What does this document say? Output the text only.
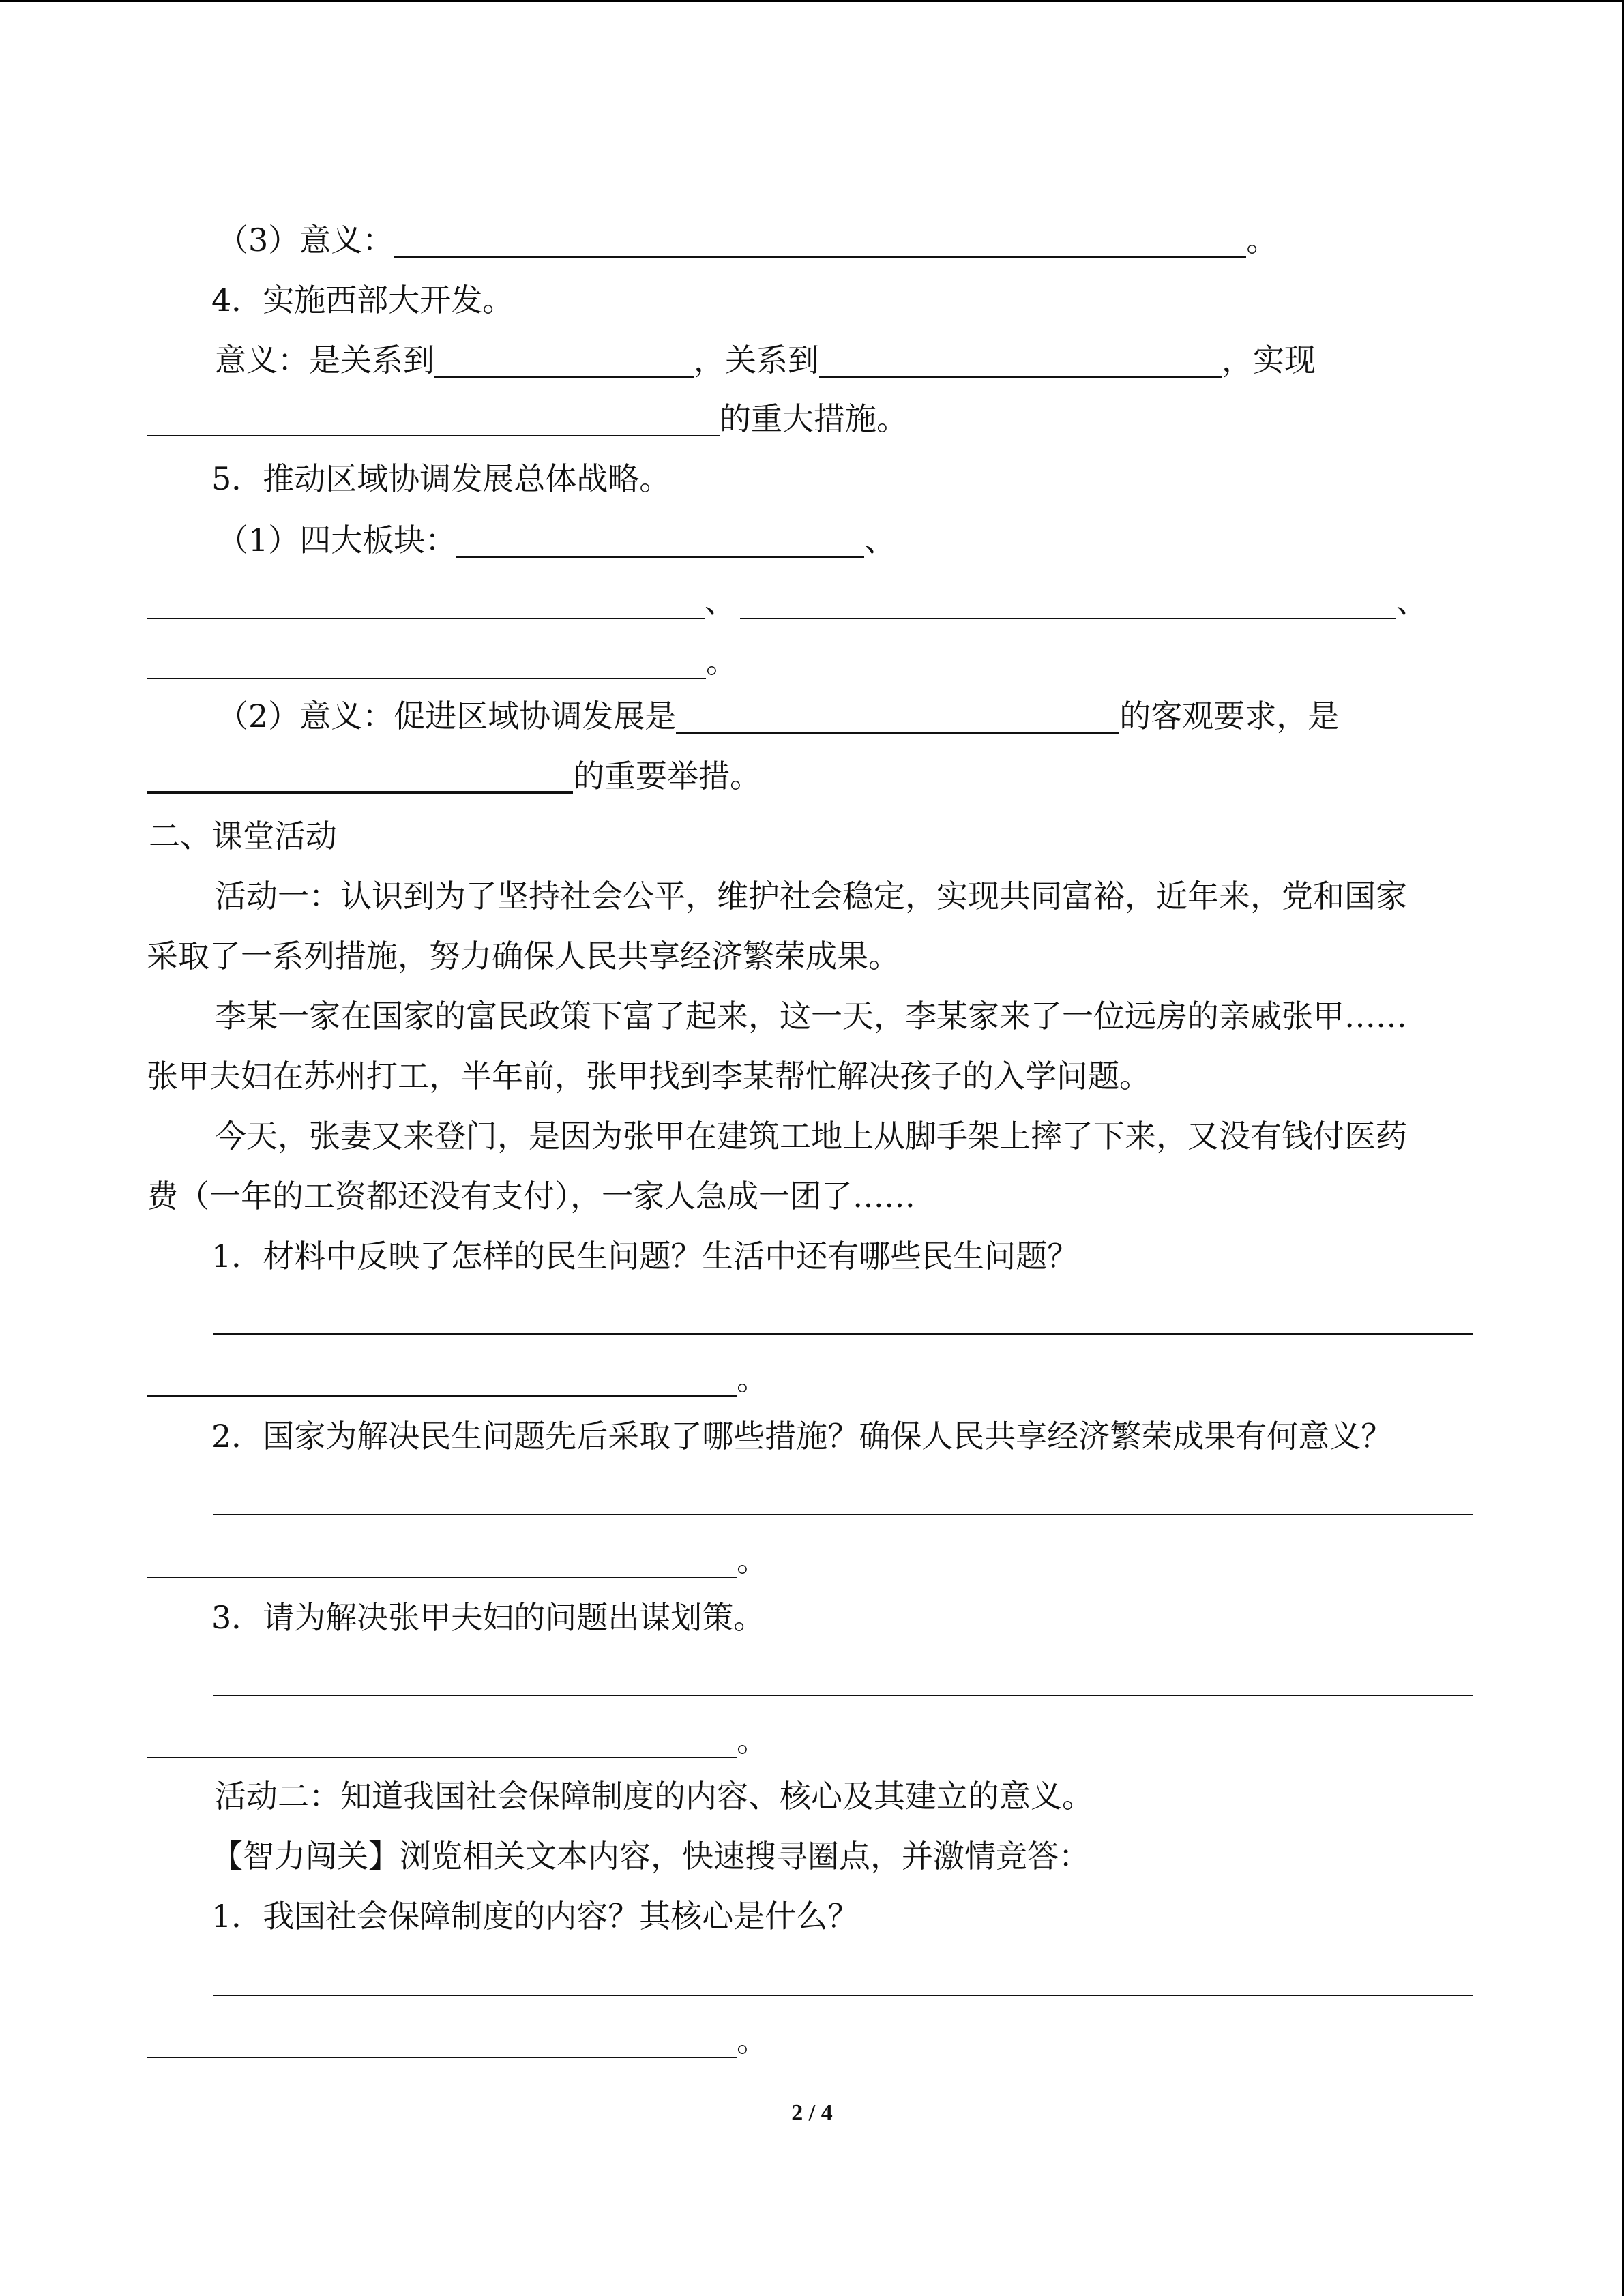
（3）意义：	。
4．实施西部大开发。
意义：是关系到	，关系到	，实现
的重大措施。
5．推动区域协调发展总体战略。
（1）四大板块：	、
、	、
。
（2）意义：促进区域协调发展是	的客观要求，是
的重要举措。
二、课堂活动
活动一：认识到为了坚持社会公平，维护社会稳定，实现共同富裕，近年来，党和国家
采取了一系列措施，努力确保人民共享经济繁荣成果。
李某一家在国家的富民政策下富了起来，这一天，李某家来了一位远房的亲戚张甲……
张甲夫妇在苏州打工，半年前，张甲找到李某帮忙解决孩子的入学问题。
今天，张妻又来登门，是因为张甲在建筑工地上从脚手架上摔了下来，又没有钱付医药
费（一年的工资都还没有支付），一家人急成一团了……
1．材料中反映了怎样的民生问题？生活中还有哪些民生问题？
。
2．国家为解决民生问题先后采取了哪些措施？确保人民共享经济繁荣成果有何意义？
。
3．请为解决张甲夫妇的问题出谋划策。
。
活动二：知道我国社会保障制度的内容、核心及其建立的意义。
【智力闯关】浏览相关文本内容，快速搜寻圈点，并激情竞答：
1．我国社会保障制度的内容？其核心是什么？
。
2 / 4
